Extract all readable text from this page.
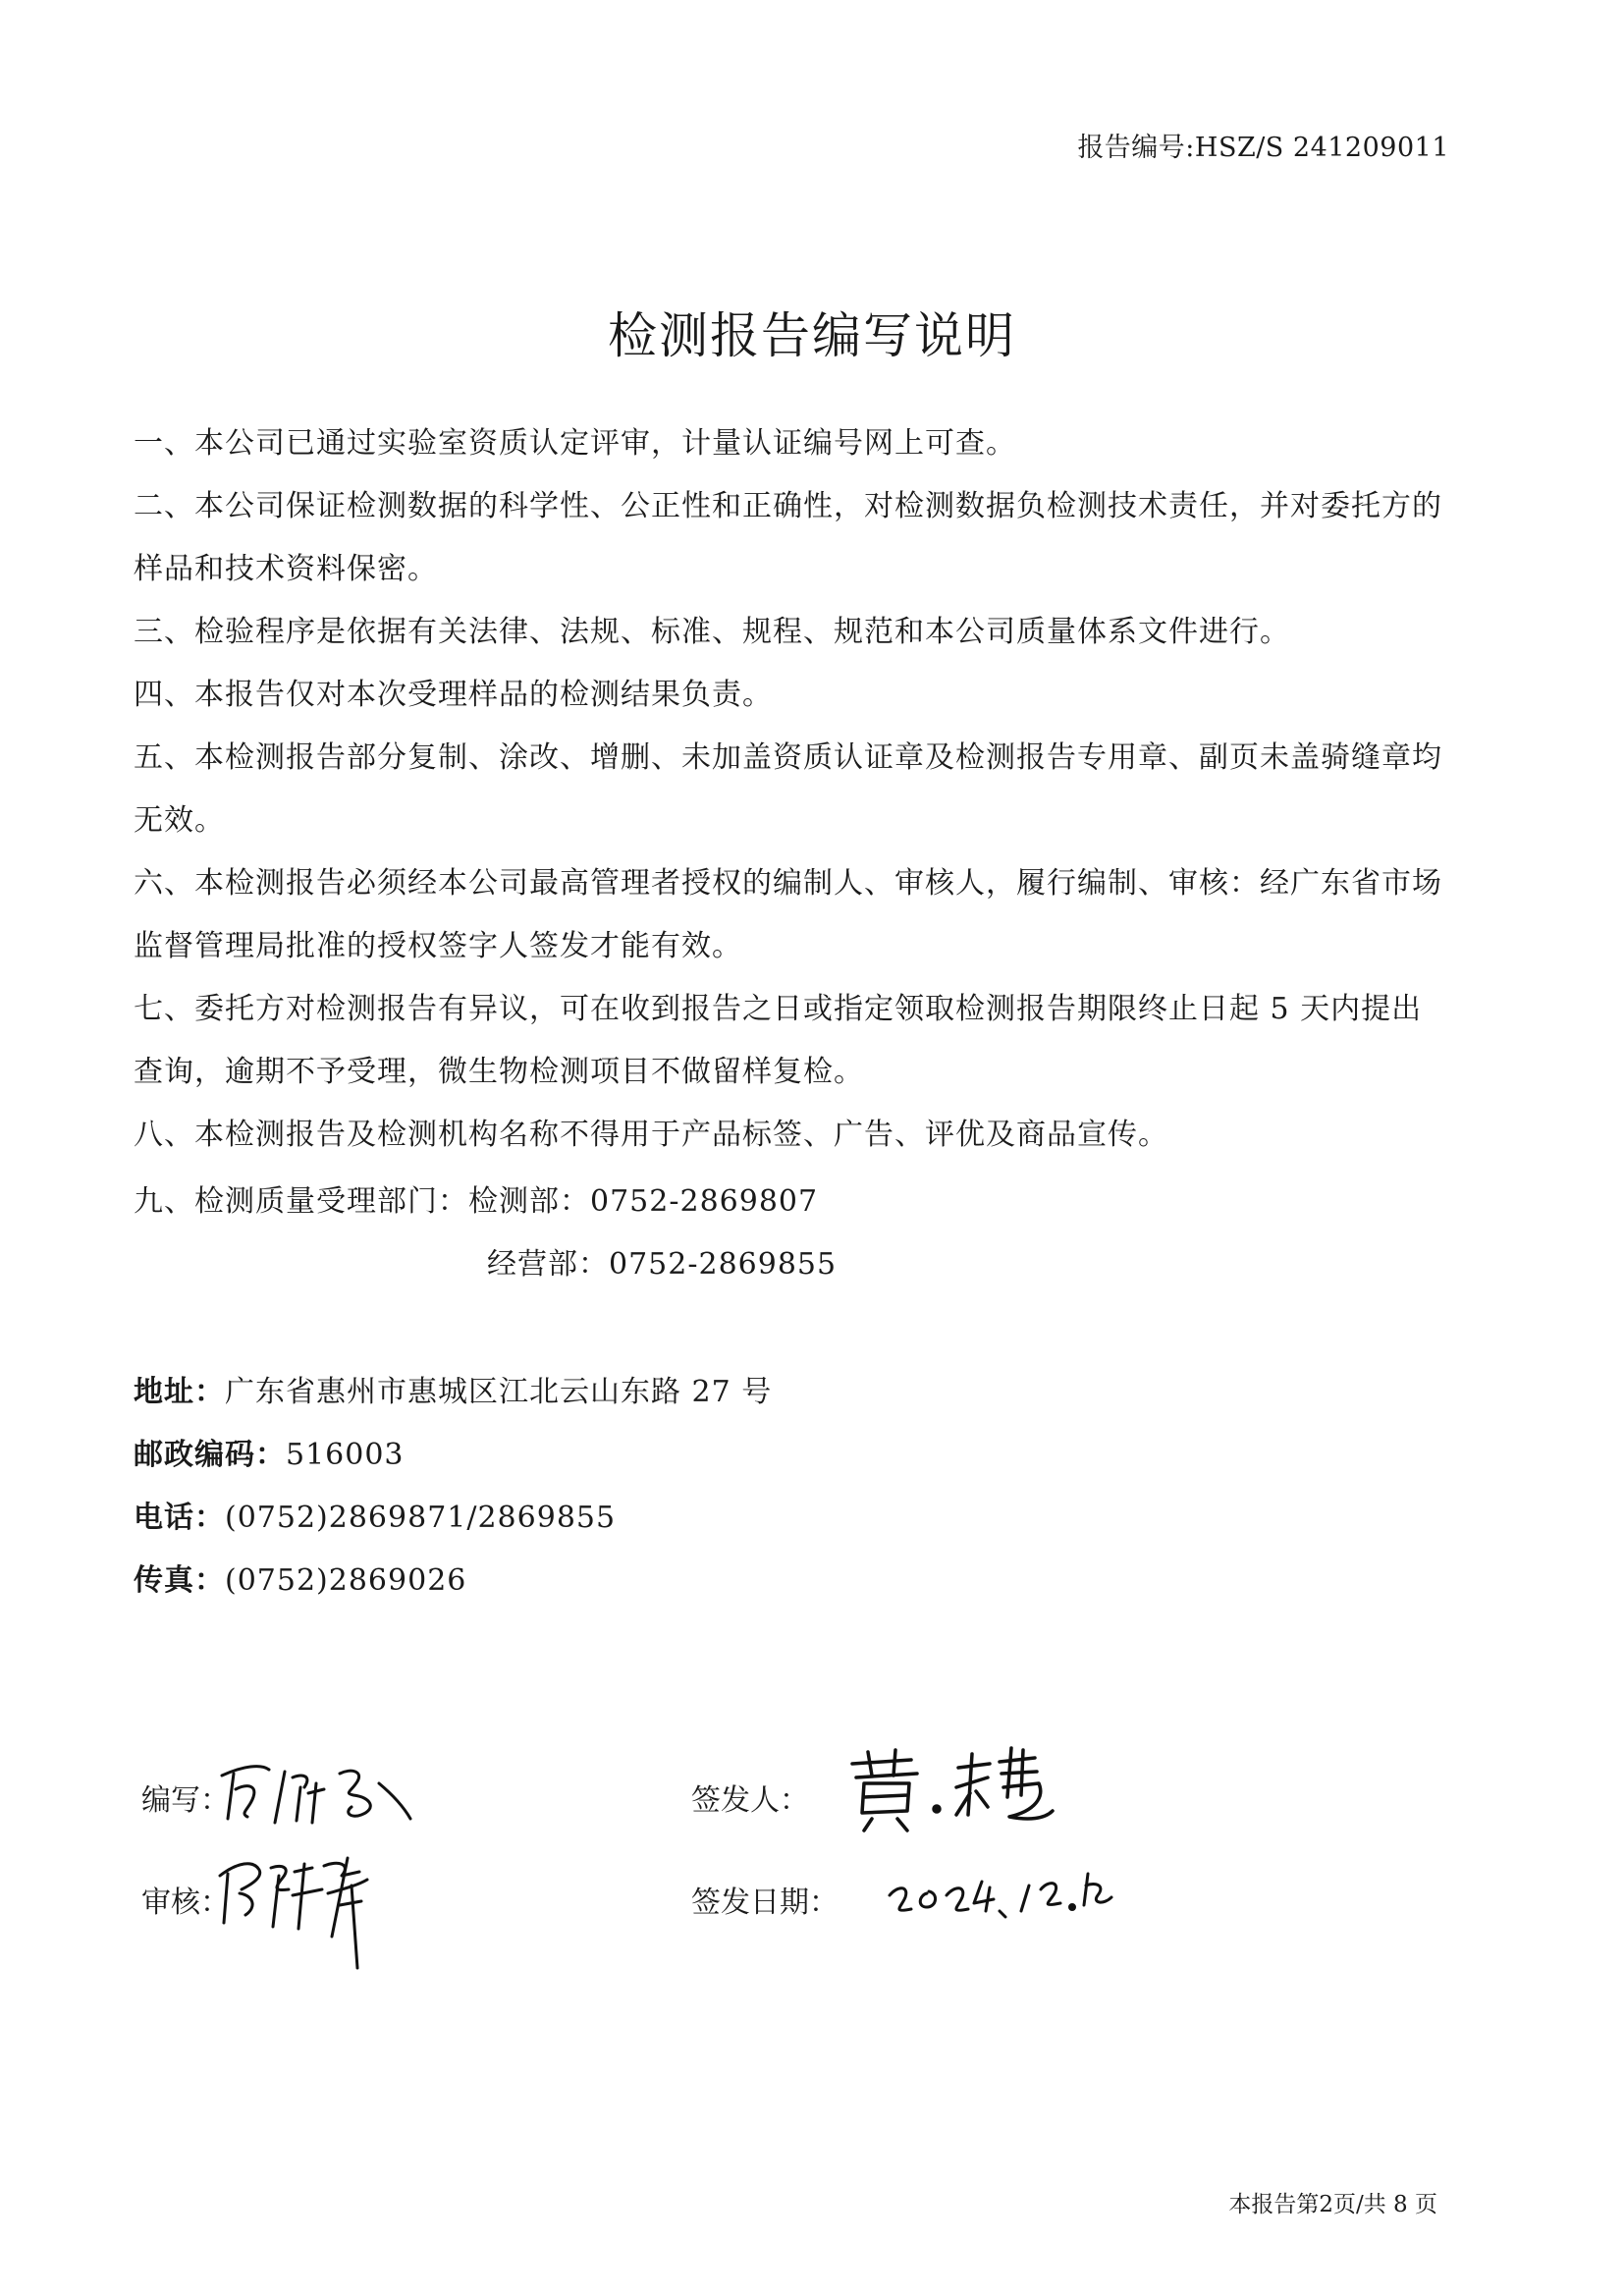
报告编号:HSZ/S 241209011
检测报告编写说明
一、本公司已通过实验室资质认定评审，计量认证编号网上可查。
二、本公司保证检测数据的科学性、公正性和正确性，对检测数据负检测技术责任，并对委托方的样品和技术资料保密。
三、检验程序是依据有关法律、法规、标准、规程、规范和本公司质量体系文件进行。
四、本报告仅对本次受理样品的检测结果负责。
五、本检测报告部分复制、涂改、增删、未加盖资质认证章及检测报告专用章、副页未盖骑缝章均无效。
六、本检测报告必须经本公司最高管理者授权的编制人、审核人，履行编制、审核：经广东省市场监督管理局批准的授权签字人签发才能有效。
七、委托方对检测报告有异议，可在收到报告之日或指定领取检测报告期限终止日起 5 天内提出查询，逾期不予受理，微生物检测项目不做留样复检。
八、本检测报告及检测机构名称不得用于产品标签、广告、评优及商品宣传。
九、检测质量受理部门：检测部：0752-2869807
经营部：0752-2869855
地址：广东省惠州市惠城区江北云山东路 27 号
邮政编码：516003
电话：(0752)2869871/2869855
传真：(0752)2869026
编写：
审核：
签发人：
签发日期：
本报告第2页/共 8 页
